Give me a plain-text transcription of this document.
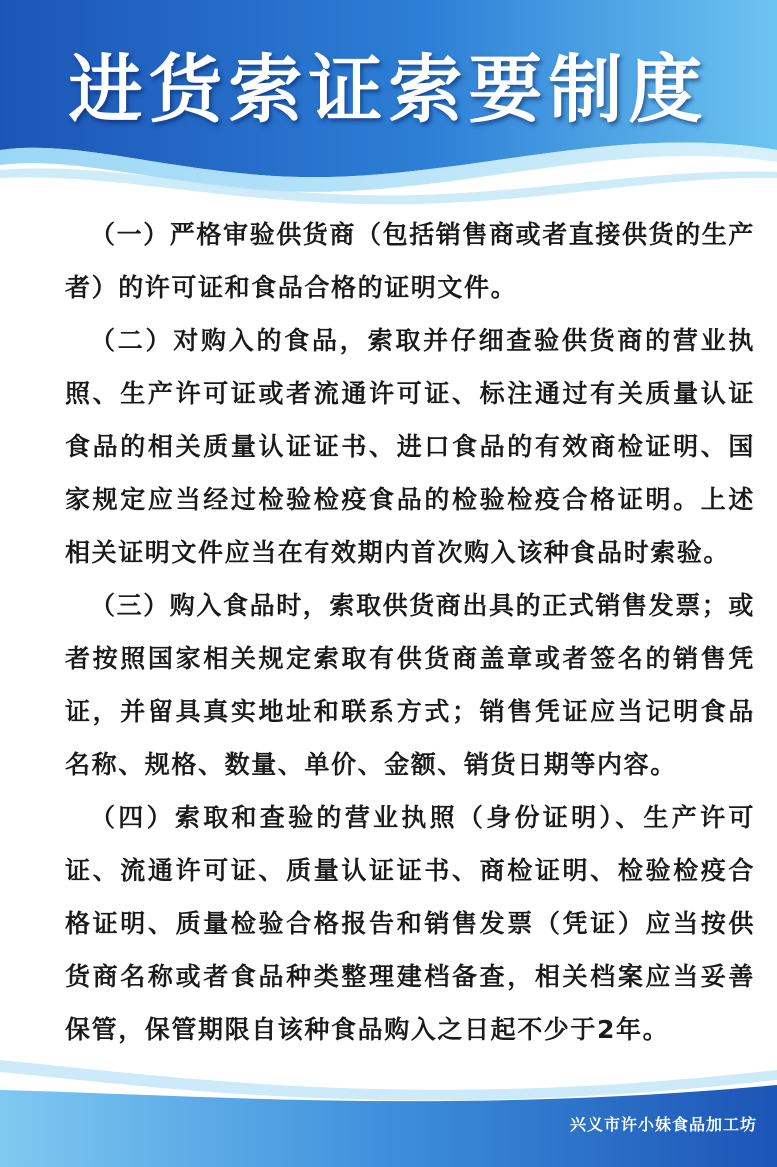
进货索证索要制度

（一）严格审验供货商（包括销售商或者直接供货的生产者）的许可证和食品合格的证明文件。

（二）对购入的食品，索取并仔细查验供货商的营业执照、生产许可证或者流通许可证、标注通过有关质量认证食品的相关质量认证证书、进口食品的有效商检证明、国家规定应当经过检验检疫食品的检验检疫合格证明。上述相关证明文件应当在有效期内首次购入该种食品时索验。

（三）购入食品时，索取供货商出具的正式销售发票；或者按照国家相关规定索取有供货商盖章或者签名的销售凭证，并留具真实地址和联系方式；销售凭证应当记明食品名称、规格、数量、单价、金额、销货日期等内容。

（四）索取和查验的营业执照（身份证明）、生产许可证、流通许可证、质量认证证书、商检证明、检验检疫合格证明、质量检验合格报告和销售发票（凭证）应当按供货商名称或者食品种类整理建档备查，相关档案应当妥善保管，保管期限自该种食品购入之日起不少于2年。

兴义市许小妹食品加工坊
